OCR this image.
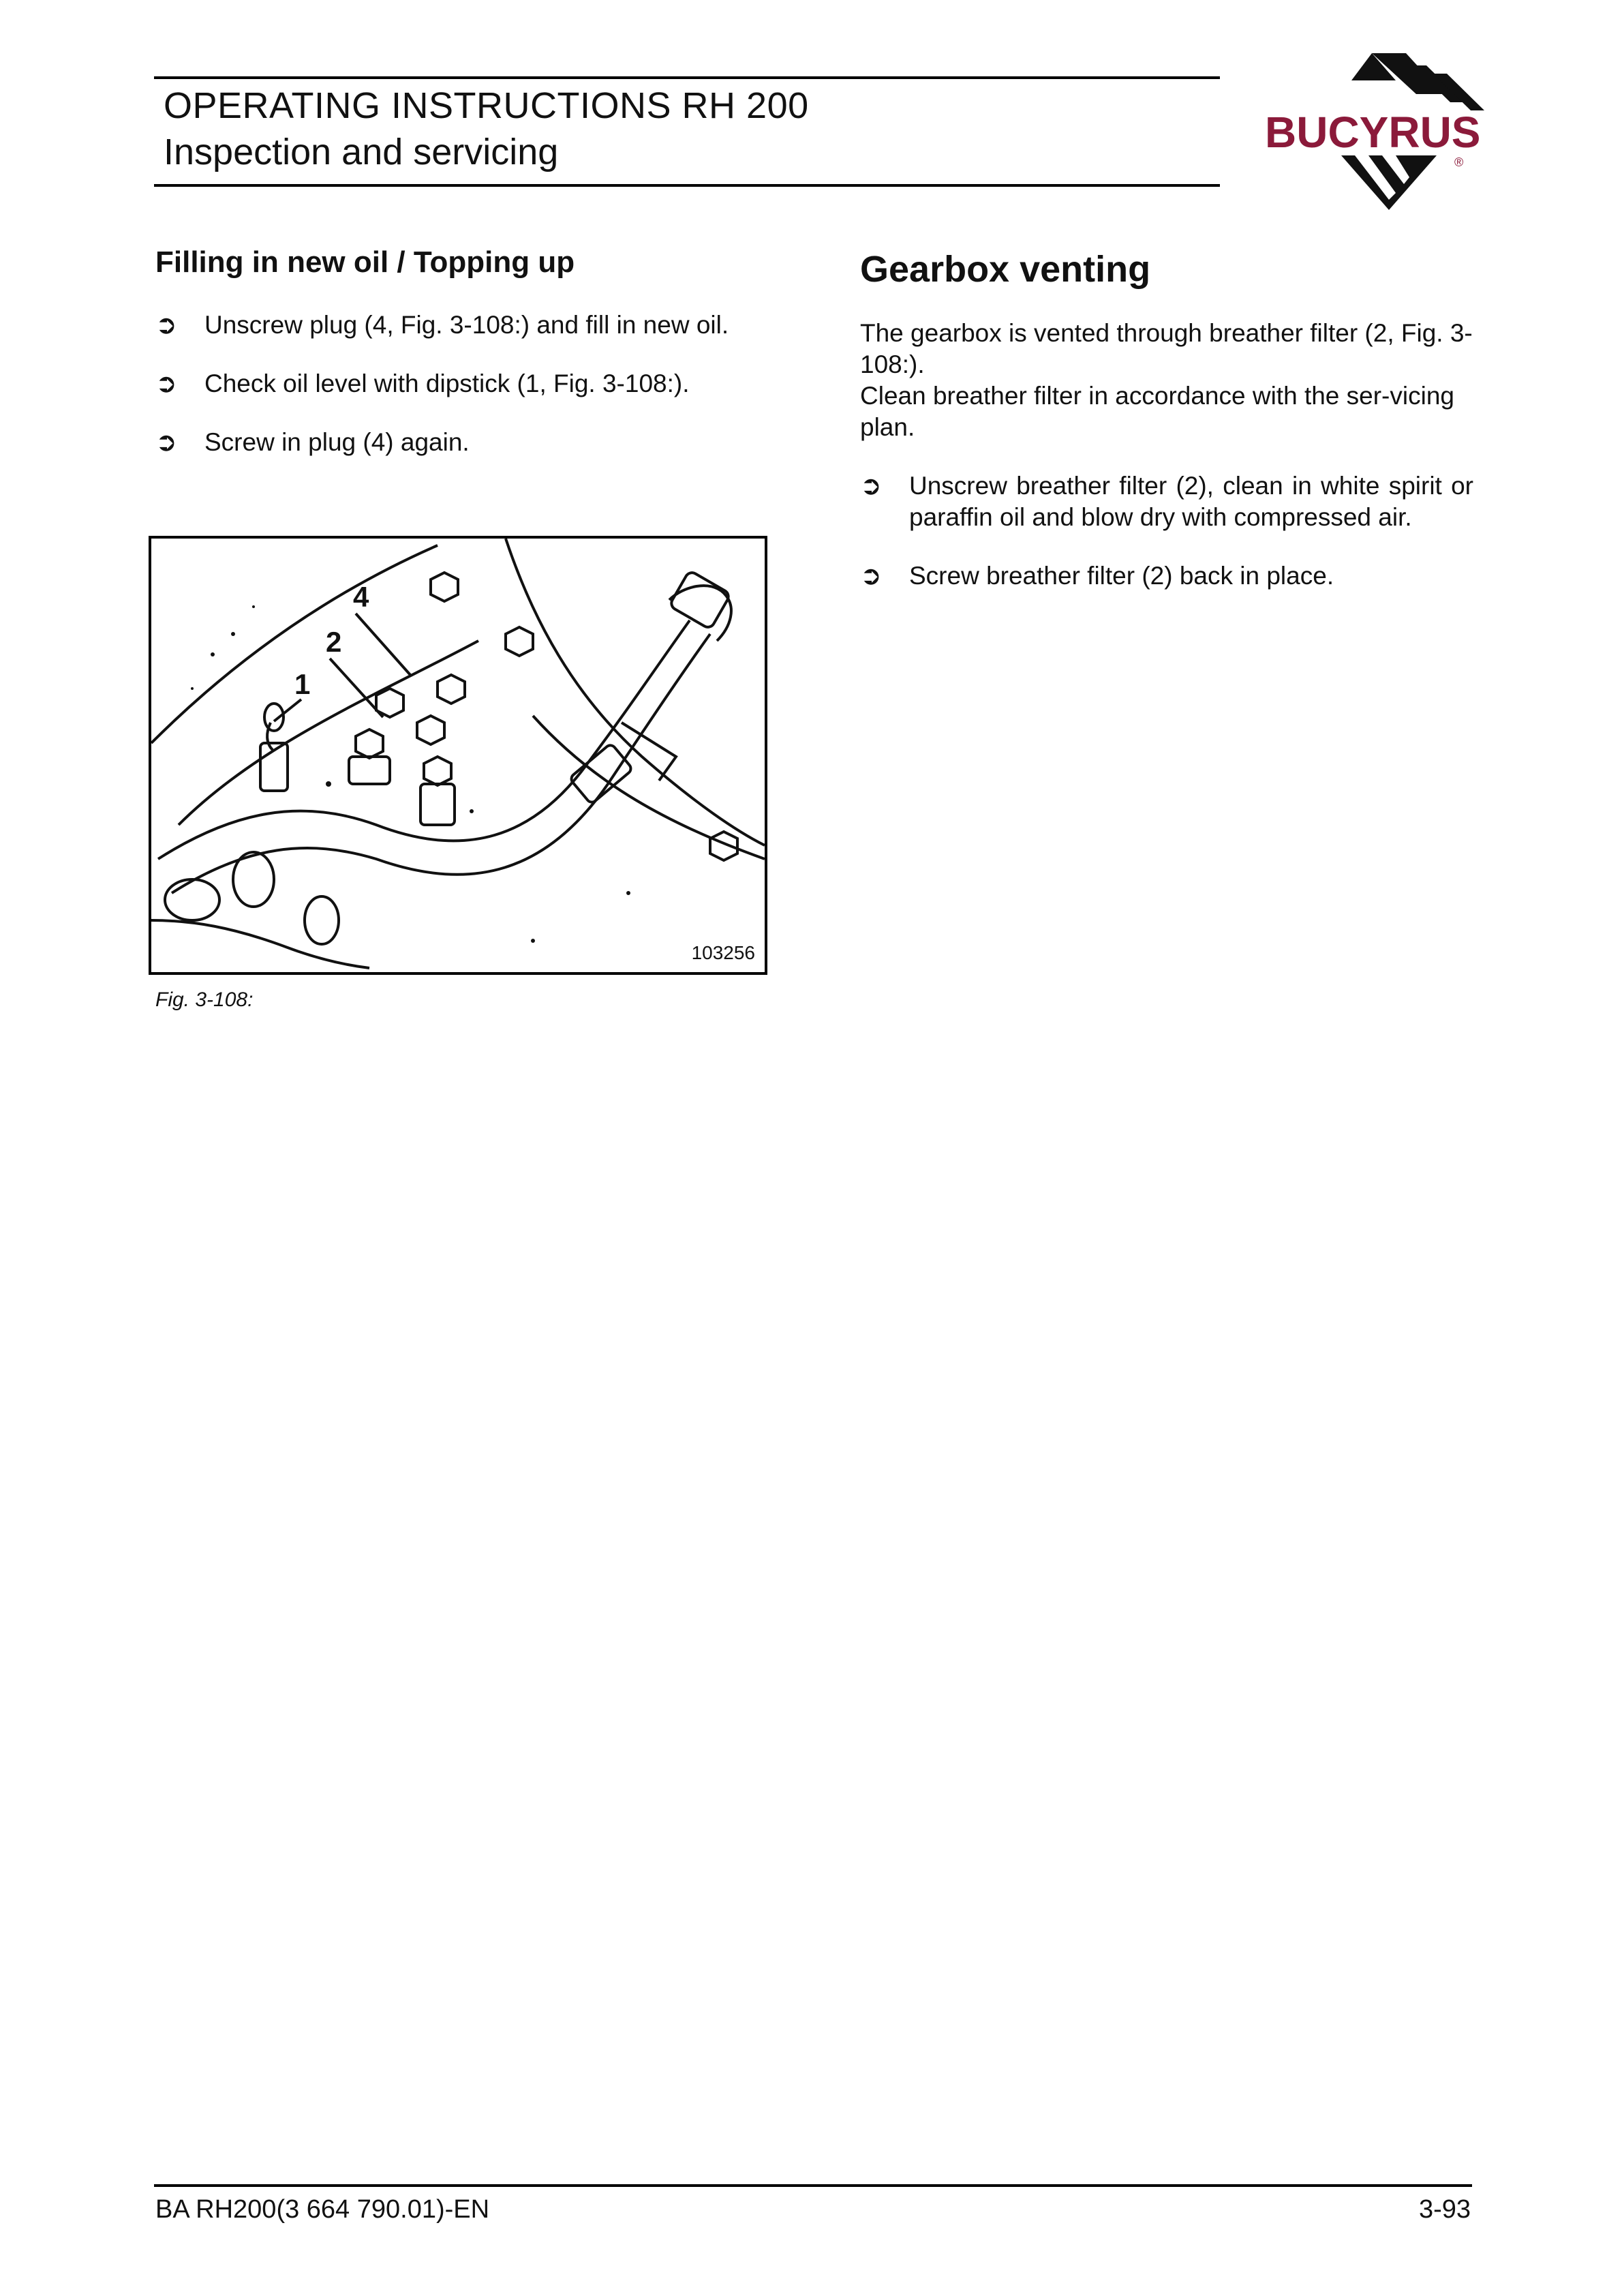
OPERATING INSTRUCTIONS RH 200
Inspection and servicing	BUCYRUS
®
Filling in new oil / Topping up
➲ Unscrew plug (4, Fig. 3-108:) and fill in new oil.
➲ Check oil level with dipstick (1, Fig. 3-108:).
➲ Screw in plug (4) again.
4
2
1
103256
Fig. 3-108:
Gearbox venting

The gearbox is vented through breather filter (2, Fig. 3-108:).
Clean breather filter in accordance with the ser-vicing plan.

➲ Unscrew breather filter (2), clean in white spirit or paraffin oil and blow dry with compressed air.
➲ Screw breather filter (2) back in place.
BA RH200(3 664 790.01)-EN	3-93
